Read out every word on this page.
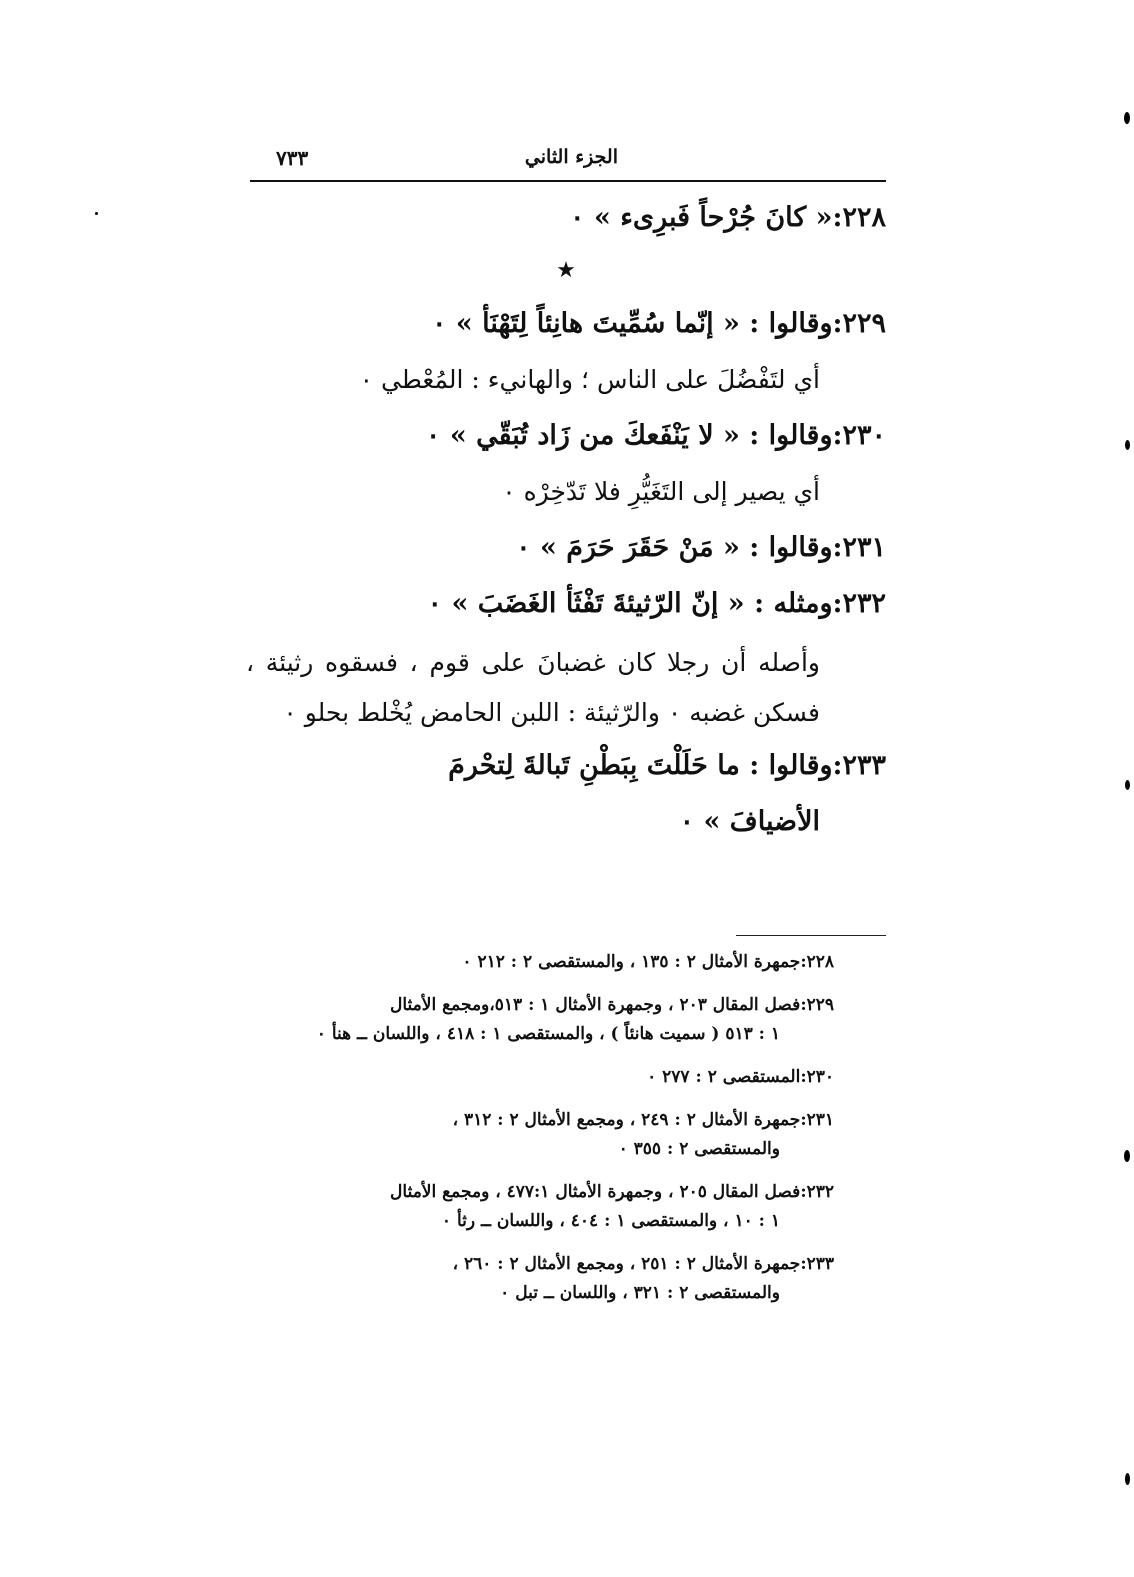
الجزء الثاني
٧٣٣

٢٢٨:« كانَ جُرْحاً فَبرِىء » ٠

★

٢٢٩:وقالوا : « إنّما سُمِّيتَ هانِئاً لِتَهْنَأ » ٠

أي لتَفْضُلَ على الناس ؛ والهانيء : المُعْطي ٠

٢٣٠:وقالوا : « لا يَنْفَعكَ من زَاد تُبَقّي » ٠

أي يصير إلى التَغَيُّرِ فلا تَدّخِرْه ٠

٢٣١:وقالوا : « مَنْ حَقَرَ حَرَمَ » ٠

٢٣٢:ومثله : « إنّ الرّثيئةَ تَفْثَأ الغَضَبَ » ٠

وأصله أن رجلا كان غضبانَ على قوم ، فسقوه رثيئة ، فسكن غضبه ٠ والرّثيئة : اللبن الحامض يُخْلط بحلو ٠

٢٣٣:وقالوا : ما حَلَلْتَ بِبَطْنِ تَبالةَ لِتحْرمَ

الأضيافَ » ٠

٢٢٨:جمهرة الأمثال ٢ : ١٣٥ ، والمستقصى ٢ : ٢١٢ ٠

٢٢٩:فصل المقال ٢٠٣ ، وجمهرة الأمثال ١ : ٥١٣،ومجمع الأمثال
١ : ٥١٣ ( سميت هانئاً ) ، والمستقصى ١ : ٤١٨ ، واللسان ــ هنأ ٠

٢٣٠:المستقصى ٢ : ٢٧٧ ٠

٢٣١:جمهرة الأمثال ٢ : ٢٤٩ ، ومجمع الأمثال ٢ : ٣١٢ ،
والمستقصى ٢ : ٣٥٥ ٠

٢٣٢:فصل المقال ٢٠٥ ، وجمهرة الأمثال ٤٧٧:١ ، ومجمع الأمثال
١ : ١٠ ، والمستقصى ١ : ٤٠٤ ، واللسان ــ رثأ ٠

٢٣٣:جمهرة الأمثال ٢ : ٢٥١ ، ومجمع الأمثال ٢ : ٢٦٠ ،
والمستقصى ٢ : ٣٢١ ، واللسان ــ تبل ٠
